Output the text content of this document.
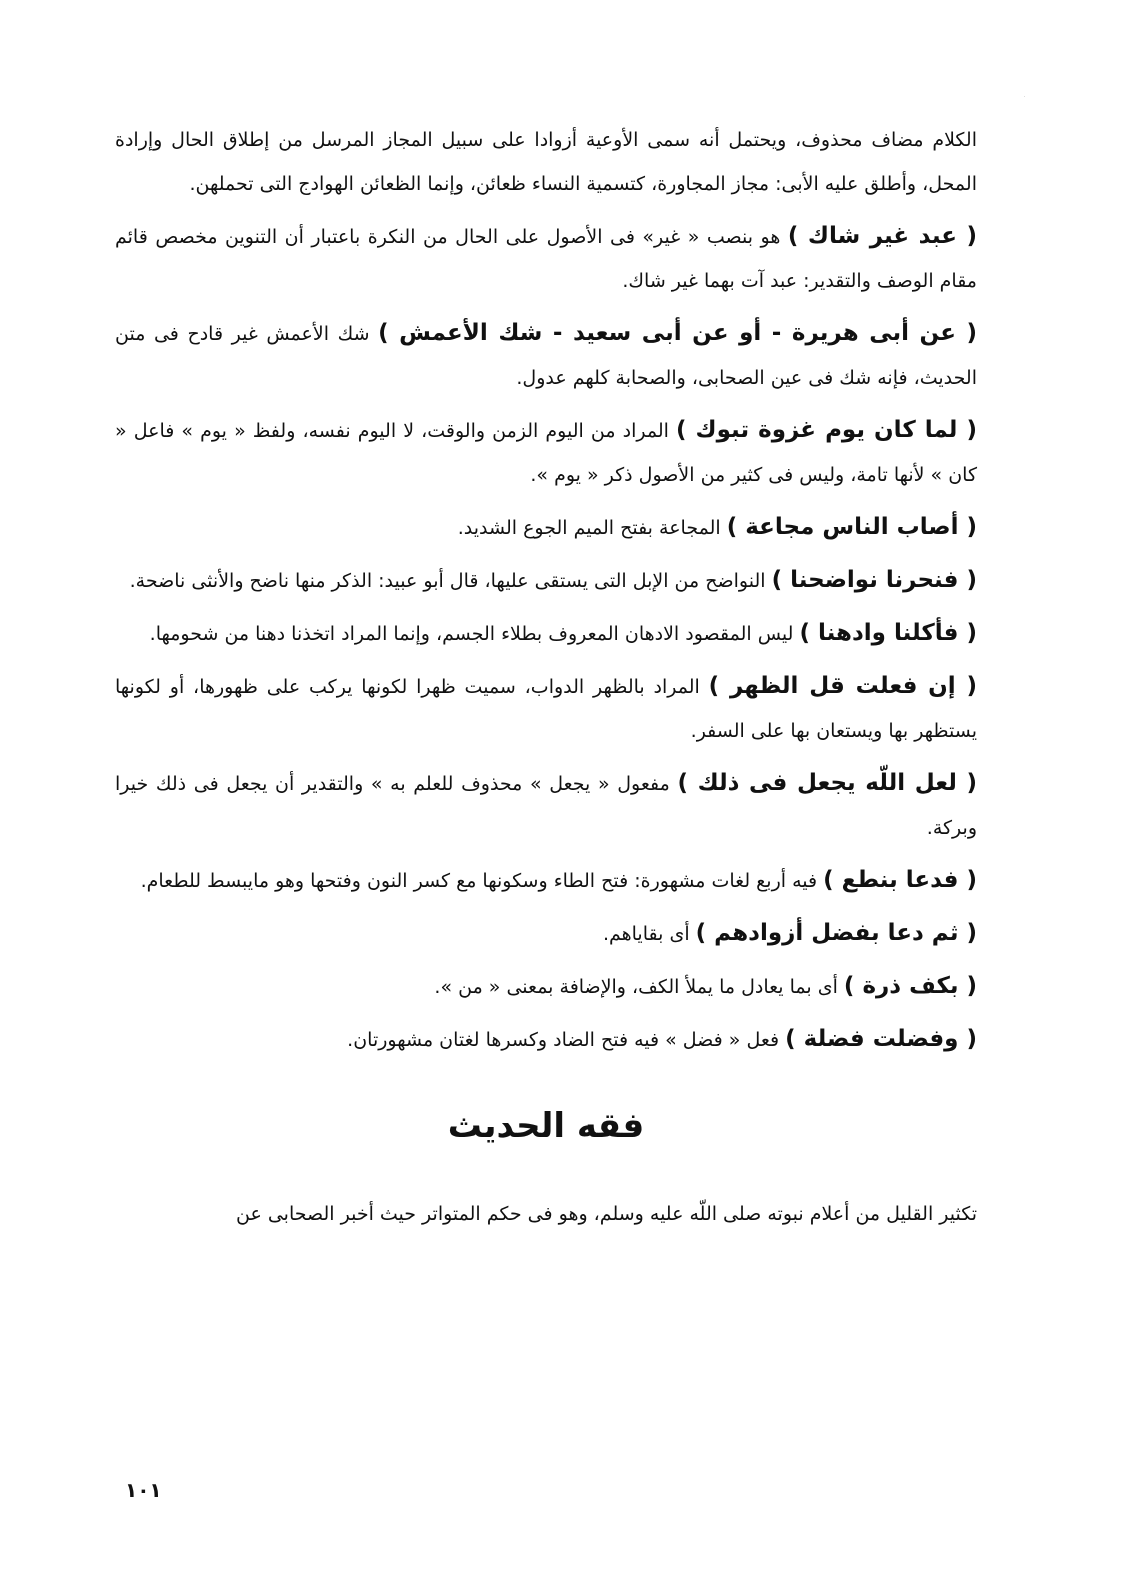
الكلام مضاف محذوف، ويحتمل أنه سمى الأوعية أزوادا على سبيل المجاز المرسل من إطلاق الحال وإرادة المحل، وأطلق عليه الأبى: مجاز المجاورة، كتسمية النساء ظعائن، وإنما الظعائن الهوادج التى تحملهن.

( عبد غير شاك ) هو بنصب « غير» فى الأصول على الحال من النكرة باعتبار أن التنوين مخصص قائم مقام الوصف والتقدير: عبد آت بهما غير شاك.

( عن أبى هريرة - أو عن أبى سعيد - شك الأعمش ) شك الأعمش غير قادح فى متن الحديث، فإنه شك فى عين الصحابى، والصحابة كلهم عدول.

( لما كان يوم غزوة تبوك ) المراد من اليوم الزمن والوقت، لا اليوم نفسه، ولفظ « يوم » فاعل « كان » لأنها تامة، وليس فى كثير من الأصول ذكر « يوم ».

( أصاب الناس مجاعة ) المجاعة بفتح الميم الجوع الشديد.

( فنحرنا نواضحنا ) النواضح من الإبل التى يستقى عليها، قال أبو عبيد: الذكر منها ناضح والأنثى ناضحة.

( فأكلنا وادهنا ) ليس المقصود الادهان المعروف بطلاء الجسم، وإنما المراد اتخذنا دهنا من شحومها.

( إن فعلت قل الظهر ) المراد بالظهر الدواب، سميت ظهرا لكونها يركب على ظهورها، أو لكونها يستظهر بها ويستعان بها على السفر.

( لعل اللّه يجعل فى ذلك ) مفعول « يجعل » محذوف للعلم به » والتقدير أن يجعل فى ذلك خيرا وبركة.

( فدعا بنطع ) فيه أربع لغات مشهورة: فتح الطاء وسكونها مع كسر النون وفتحها وهو مايبسط للطعام.

( ثم دعا بفضل أزوادهم ) أى بقاياهم.

( بكف ذرة ) أى بما يعادل ما يملأ الكف، والإضافة بمعنى « من ».

( وفضلت فضلة ) فعل « فضل » فيه فتح الضاد وكسرها لغتان مشهورتان.

فقه الحديث

تكثير القليل من أعلام نبوته صلى اللّه عليه وسلم، وهو فى حكم المتواتر حيث أخبر الصحابى عن

١٠١
